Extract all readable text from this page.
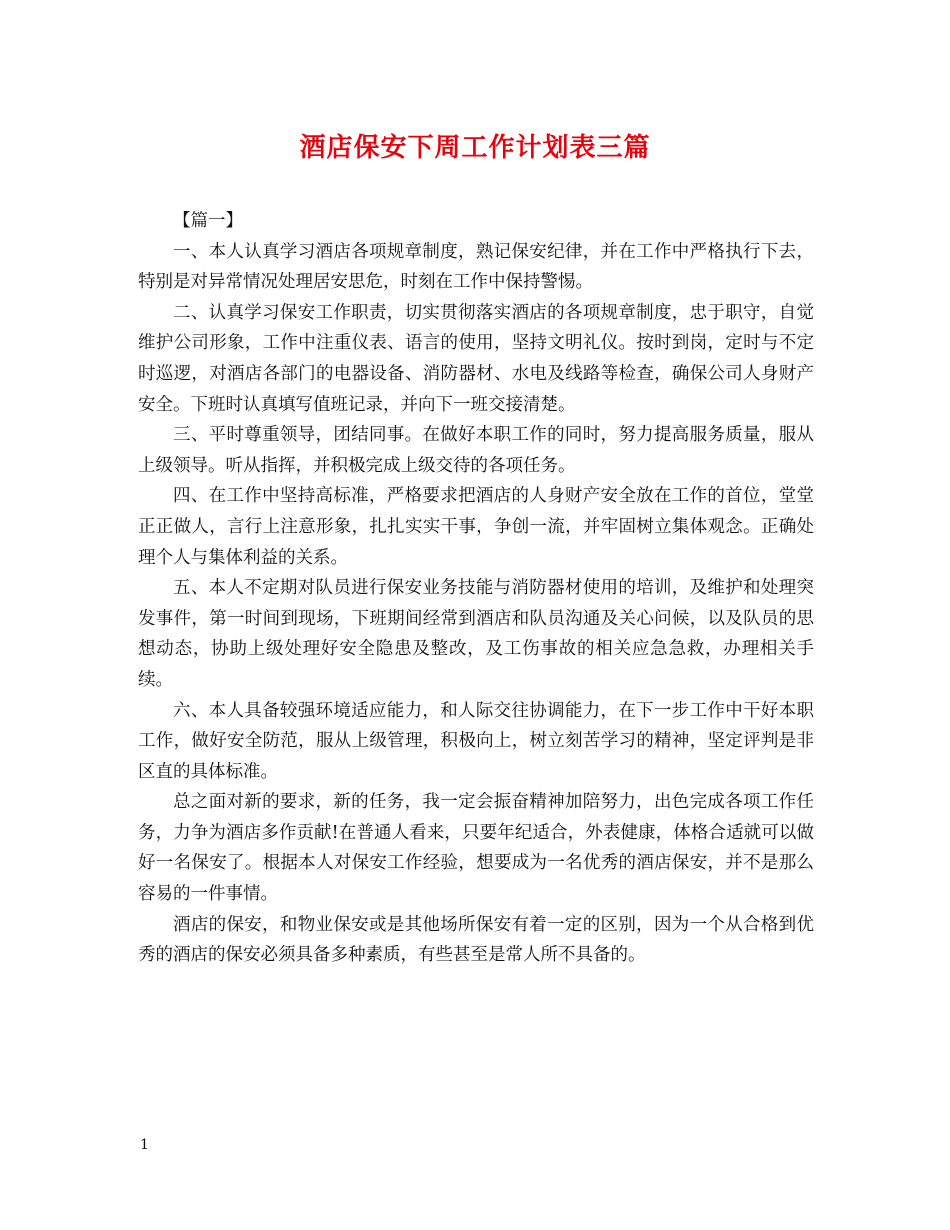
酒店保安下周工作计划表三篇

【篇一】

一、本人认真学习酒店各项规章制度，熟记保安纪律，并在工作中严格执行下去，特别是对异常情况处理居安思危，时刻在工作中保持警惕。

二、认真学习保安工作职责，切实贯彻落实酒店的各项规章制度，忠于职守，自觉维护公司形象，工作中注重仪表、语言的使用，坚持文明礼仪。按时到岗，定时与不定时巡逻，对酒店各部门的电器设备、消防器材、水电及线路等检查，确保公司人身财产安全。下班时认真填写值班记录，并向下一班交接清楚。

三、平时尊重领导，团结同事。在做好本职工作的同时，努力提高服务质量，服从上级领导。听从指挥，并积极完成上级交待的各项任务。

四、在工作中坚持高标准，严格要求把酒店的人身财产安全放在工作的首位，堂堂正正做人，言行上注意形象，扎扎实实干事，争创一流，并牢固树立集体观念。正确处理个人与集体利益的关系。

五、本人不定期对队员进行保安业务技能与消防器材使用的培训，及维护和处理突发事件，第一时间到现场，下班期间经常到酒店和队员沟通及关心问候，以及队员的思想动态，协助上级处理好安全隐患及整改，及工伤事故的相关应急急救，办理相关手续。

六、本人具备较强环境适应能力，和人际交往协调能力，在下一步工作中干好本职工作，做好安全防范，服从上级管理，积极向上，树立刻苦学习的精神，坚定评判是非区直的具体标准。

总之面对新的要求，新的任务，我一定会振奋精神加陪努力，出色完成各项工作任务，力争为酒店多作贡献!在普通人看来，只要年纪适合，外表健康，体格合适就可以做好一名保安了。根据本人对保安工作经验，想要成为一名优秀的酒店保安，并不是那么容易的一件事情。

酒店的保安，和物业保安或是其他场所保安有着一定的区别，因为一个从合格到优秀的酒店的保安必须具备多种素质，有些甚至是常人所不具备的。

1
